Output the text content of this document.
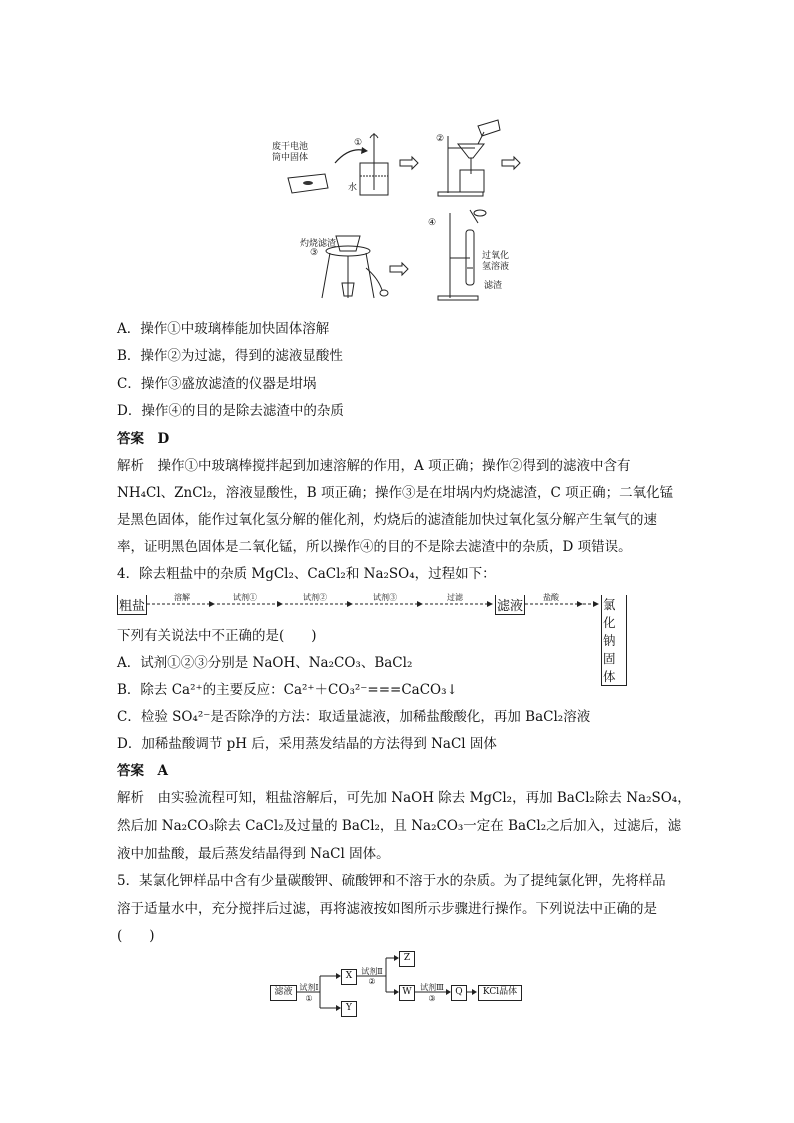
废干电池
筒中固体
①
水
②
灼烧滤渣
③
④
过氧化
氢溶液
滤渣
A．操作①中玻璃棒能加快固体溶解
B．操作②为过滤，得到的滤液显酸性
C．操作③盛放滤渣的仪器是坩埚
D．操作④的目的是除去滤渣中的杂质
答案　D
解析　操作①中玻璃棒搅拌起到加速溶解的作用，A 项正确；操作②得到的滤液中含有
NH₄Cl、ZnCl₂，溶液显酸性，B 项正确；操作③是在坩埚内灼烧滤渣，C 项正确；二氧化锰
是黑色固体，能作过氧化氢分解的催化剂，灼烧后的滤渣能加快过氧化氢分解产生氧气的速
率，证明黑色固体是二氧化锰，所以操作④的目的不是除去滤渣中的杂质，D 项错误。
4．除去粗盐中的杂质 MgCl₂、CaCl₂和 Na₂SO₄，过程如下：
粗盐
溶解	试剂①	试剂②	试剂③	过滤
滤液
盐酸	氯化钠固体
下列有关说法中不正确的是(　　)
A．试剂①②③分别是 NaOH、Na₂CO₃、BaCl₂
B．除去 Ca²⁺的主要反应：Ca²⁺＋CO₃²⁻===CaCO₃↓
C．检验 SO₄²⁻是否除净的方法：取适量滤液，加稀盐酸酸化，再加 BaCl₂溶液
D．加稀盐酸调节 pH 后，采用蒸发结晶的方法得到 NaCl 固体
答案　A
解析　由实验流程可知，粗盐溶解后，可先加 NaOH 除去 MgCl₂，再加 BaCl₂除去 Na₂SO₄，
然后加 Na₂CO₃除去 CaCl₂及过量的 BaCl₂，且 Na₂CO₃一定在 BaCl₂之后加入，过滤后，滤
液中加盐酸，最后蒸发结晶得到 NaCl 固体。
5．某氯化钾样品中含有少量碳酸钾、硫酸钾和不溶于水的杂质。为了提纯氯化钾，先将样品
溶于适量水中，充分搅拌后过滤，再将滤液按如图所示步骤进行操作。下列说法中正确的是
(　　)
滤液 试剂Ⅰ
①
X
Y
试剂Ⅱ
②
Z
W	试剂Ⅲ
③
Q	KCl晶体
